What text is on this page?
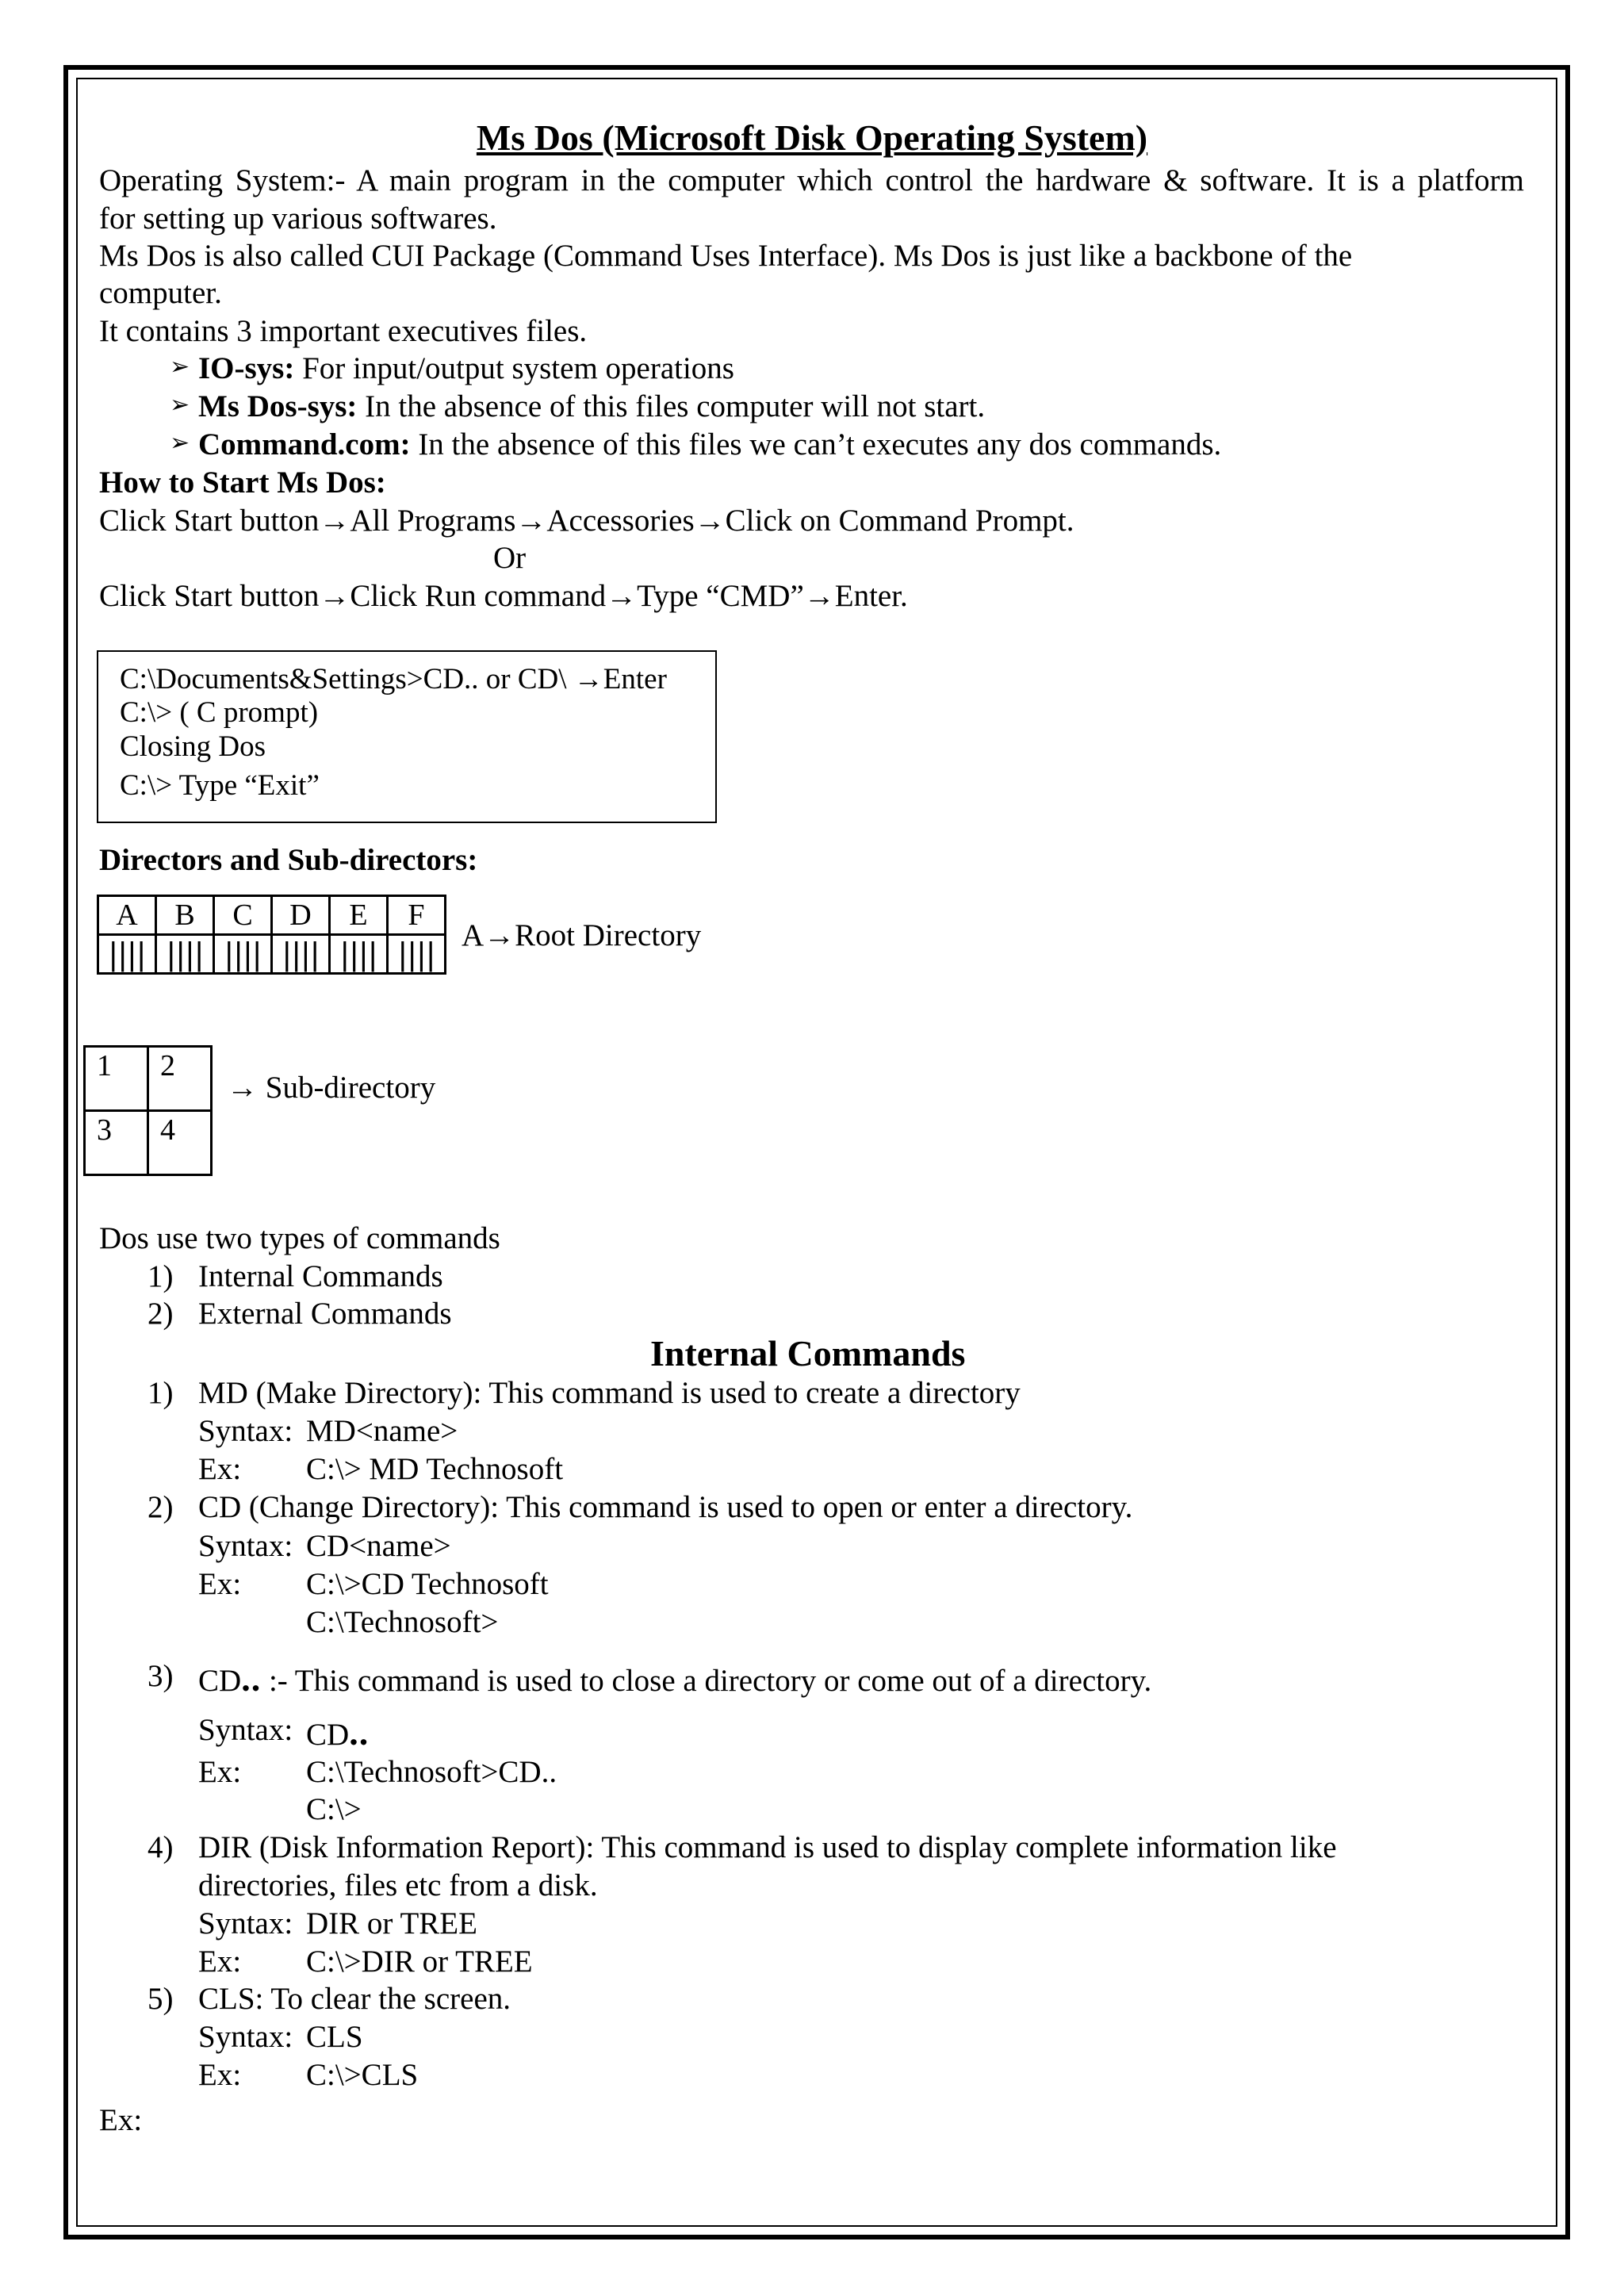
Ms Dos (Microsoft Disk Operating System)
Operating System:- A main program in the computer which control the hardware & software. It is a platform
for setting up various softwares.
Ms Dos is also called CUI Package (Command Uses Interface). Ms Dos is just like a backbone of the
computer.
It contains 3 important executives files.
➢ IO-sys: For input/output system operations
➢ Ms Dos-sys: In the absence of this files computer will not start.
➢ Command.com: In the absence of this files we can’t executes any dos commands.
How to Start Ms Dos:
Click Start button→All Programs→Accessories→Click on Command Prompt.
Or
Click Start button→Click Run command→Type “CMD”→Enter.
C:\Documents&Settings>CD.. or CD\ →Enter
C:\> ( C prompt)
Closing Dos
C:\> Type “Exit”
Directors and Sub-directors:
A	B	C	D	E	F
||||	||||	||||	||||	||||	||||
A→Root Directory
1	2
3	4
→ Sub-directory
Dos use two types of commands
1) Internal Commands
2) External Commands
Internal Commands
1) MD (Make Directory): This command is used to create a directory
Syntax: MD<name>
Ex: C:\> MD Technosoft
2) CD (Change Directory): This command is used to open or enter a directory.
Syntax: CD<name>
Ex: C:\>CD Technosoft
C:\Technosoft>
3) CD.. :- This command is used to close a directory or come out of a directory.
Syntax: CD..
Ex: C:\Technosoft>CD..
C:\>
4) DIR (Disk Information Report): This command is used to display complete information like
directories, files etc from a disk.
Syntax: DIR or TREE
Ex: C:\>DIR or TREE
5) CLS: To clear the screen.
Syntax: CLS
Ex: C:\>CLS
Ex:
